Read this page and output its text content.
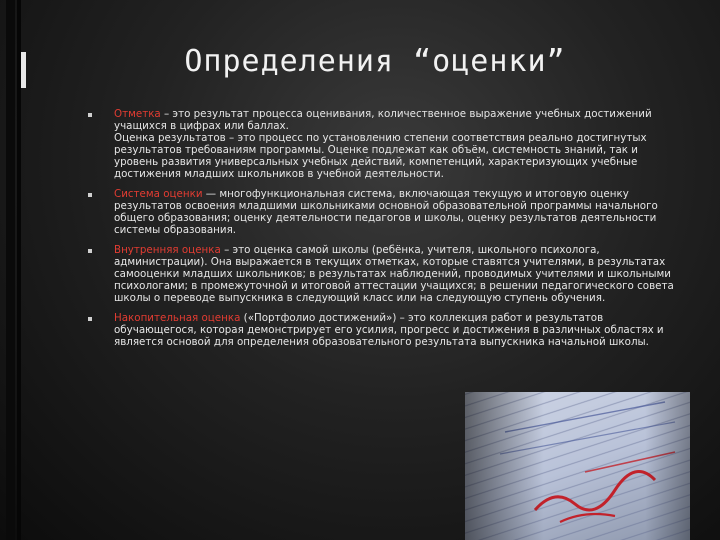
Определения “оценки”
Отметка – это результат процесса оценивания, количественное выражение учебных достижений учащихся в цифрах или баллах.
Оценка результатов – это процесс по установлению степени соответствия реально достигнутых результатов требованиям программы. Оценке подлежат как объём, системность знаний, так и уровень развития универсальных учебных действий, компетенций, характеризующих учебные достижения младших школьников в учебной деятельности.
Система оценки — многофункциональная система, включающая текущую и итоговую оценку результатов освоения младшими школьниками основной образовательной программы начального общего образования; оценку деятельности педагогов и школы, оценку результатов деятельности системы образования.
Внутренняя оценка – это оценка самой школы (ребёнка, учителя, школьного психолога, администрации). Она выражается в текущих отметках, которые ставятся учителями, в результатах самооценки младших школьников; в результатах наблюдений, проводимых учителями и школьными психологами; в промежуточной и итоговой аттестации учащихся; в решении педагогического совета школы о переводе выпускника в следующий класс или на следующую ступень обучения.
Накопительная оценка («Портфолио достижений») – это коллекция работ и результатов обучающегося, которая демонстрирует его усилия, прогресс и достижения в различных областях и является основой для определения образовательного результата выпускника начальной школы.
